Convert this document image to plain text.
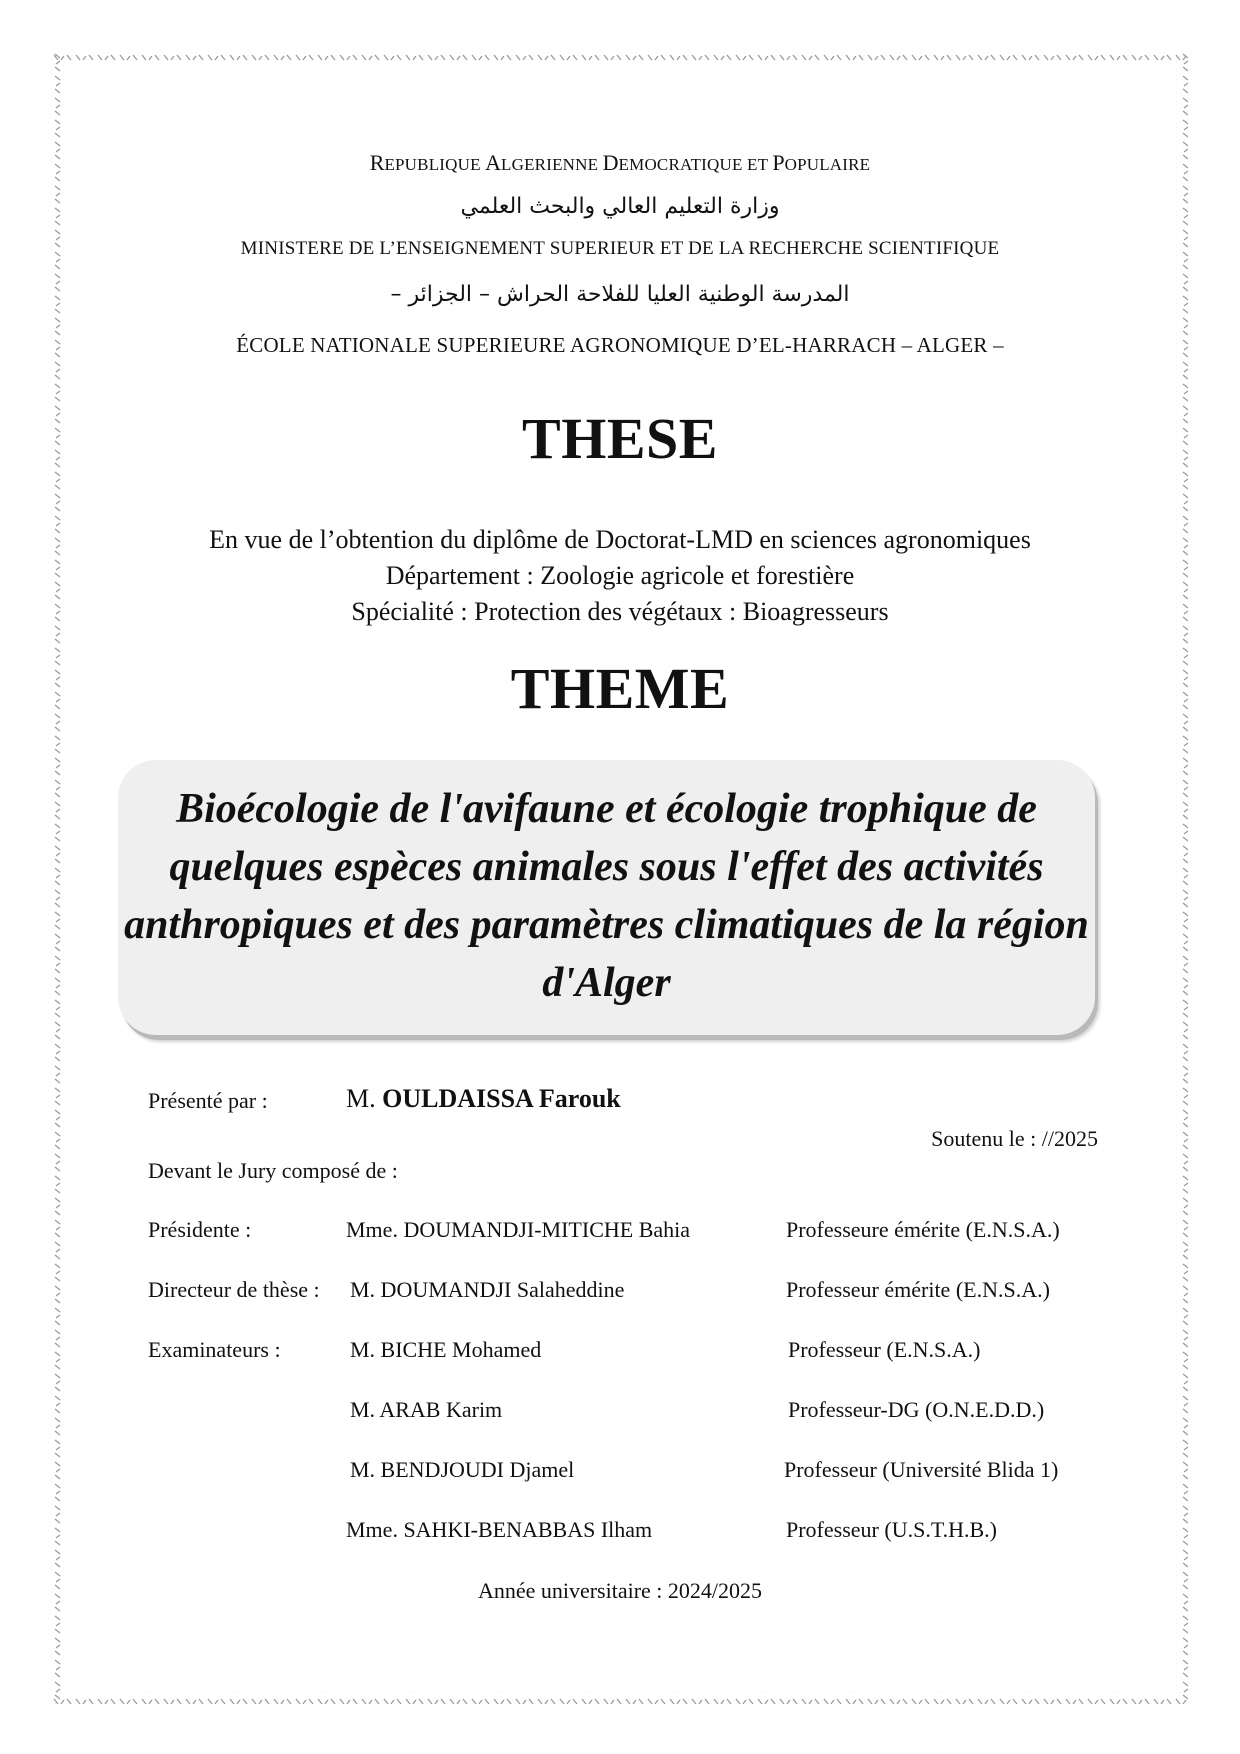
REPUBLIQUE ALGERIENNE DEMOCRATIQUE ET POPULAIRE
وزارة التعليم العالي والبحث العلمي
MINISTERE DE L’ENSEIGNEMENT SUPERIEUR ET DE LA RECHERCHE SCIENTIFIQUE
المدرسة الوطنية العليا للفلاحة الحراش – الجزائر –
ÉCOLE NATIONALE SUPERIEURE AGRONOMIQUE D’EL-HARRACH – ALGER –
THESE
En vue de l’obtention du diplôme de Doctorat-LMD en sciences agronomiques
Département : Zoologie agricole et forestière
Spécialité : Protection des végétaux : Bioagresseurs
THEME
Bioécologie de l'avifaune et écologie trophique de quelques espèces animales sous l'effet des activités anthropiques et des paramètres climatiques de la région d'Alger
Présenté par :	M. OULDAISSA Farouk
Soutenu le : //2025
Devant le Jury composé de :
Présidente :	Mme. DOUMANDJI-MITICHE Bahia	Professeure émérite (E.N.S.A.)
Directeur de thèse : M. DOUMANDJI Salaheddine	Professeur émérite (E.N.S.A.)
Examinateurs :	M. BICHE Mohamed	Professeur (E.N.S.A.)
M. ARAB Karim	Professeur-DG (O.N.E.D.D.)
M. BENDJOUDI Djamel	Professeur (Université Blida 1)
Mme. SAHKI-BENABBAS Ilham	Professeur (U.S.T.H.B.)
Année universitaire : 2024/2025
